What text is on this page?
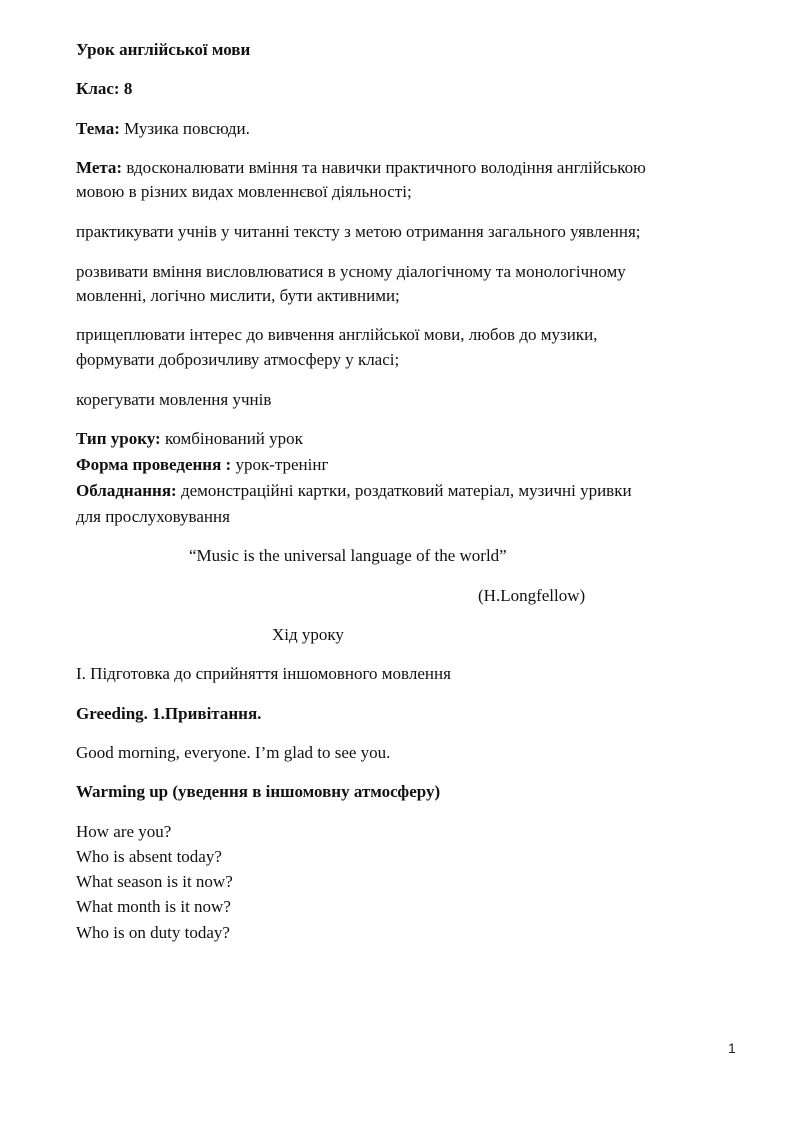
Урок англійської мови
Клас: 8
Тема: Музика повсюди.
Мета: вдосконалювати вміння та навички практичного володіння англійською
мовою в різних видах мовленнєвої діяльності;
практикувати учнів у читанні тексту з метою отримання загального уявлення;
розвивати вміння висловлюватися в усному діалогічному та монологічному
мовленні, логічно мислити, бути активними;
прищеплювати інтерес до вивчення англійської мови, любов до музики,
формувати доброзичливу атмосферу у класі;
корегувати мовлення учнів
Тип уроку: комбінований урок
Форма проведення : урок-тренінг
Обладнання: демонстраційні картки, роздатковий матеріал, музичні уривки
для прослуховування
“Music is the universal language of the world”
(H.Longfellow)
Хід уроку
І. Підготовка до сприйняття іншомовного мовлення
Greeding. 1.Привітання.
Good morning, everyone. I’m glad to see you.
Warming up (уведення в іншомовну атмосферу)
How are you?
Who is absent today?
What season is it now?
What month is it now?
Who is on duty today?
1
